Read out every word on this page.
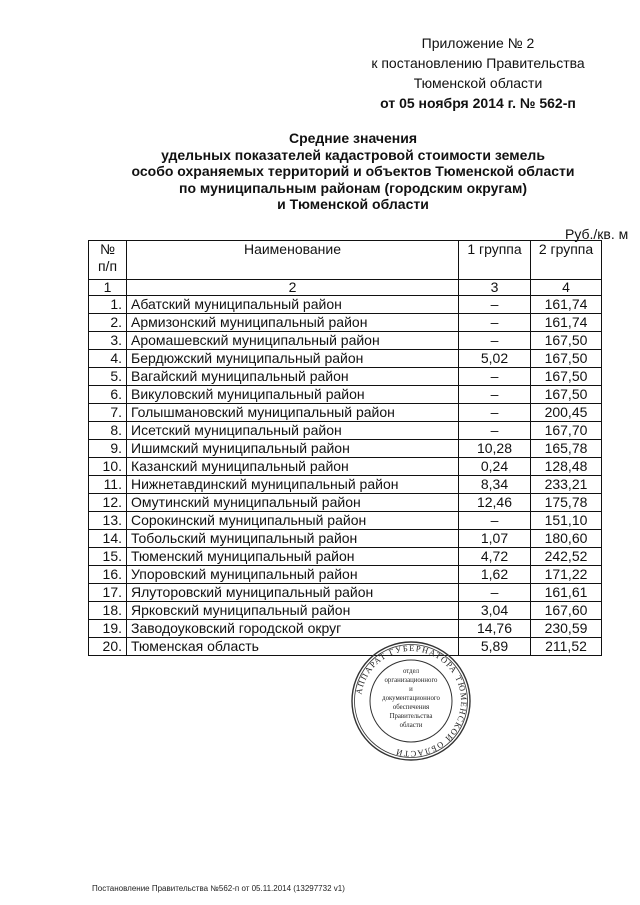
Приложение № 2
к постановлению Правительства
Тюменской области
от 05 ноября 2014 г. № 562-п
Средние значения
удельных показателей кадастровой стоимости земель
особо охраняемых территорий и объектов Тюменской области
по муниципальным районам (городским округам)
и Тюменской области
Руб./кв. м
№ п/п	Наименование	1 группа	2 группа
1	2	3	4
1.	Абатский муниципальный район	–	161,74
2.	Армизонский муниципальный район	–	161,74
3.	Аромашевский муниципальный район	–	167,50
4.	Бердюжский муниципальный район	5,02	167,50
5.	Вагайский муниципальный район	–	167,50
6.	Викуловский муниципальный район	–	167,50
7.	Голышмановский муниципальный район	–	200,45
8.	Исетский муниципальный район	–	167,70
9.	Ишимский муниципальный район	10,28	165,78
10.	Казанский муниципальный район	0,24	128,48
11.	Нижнетавдинский муниципальный район	8,34	233,21
12.	Омутинский муниципальный район	12,46	175,78
13.	Сорокинский муниципальный район	–	151,10
14.	Тобольский муниципальный район	1,07	180,60
15.	Тюменский муниципальный район	4,72	242,52
16.	Упоровский муниципальный район	1,62	171,22
17.	Ялуторовский муниципальный район	–	161,61
18.	Ярковский муниципальный район	3,04	167,60
19.	Заводоуковский городской округ	14,76	230,59
20.	Тюменская область	5,89	211,52
АППАРАТ ГУБЕРНАТОРА ТЮМЕНСКОЙ ОБЛАСТИ
отдел
организационного
и
документационного
обеспечения
Правительства
области
Постановление Правительства №562-п от 05.11.2014 (13297732 v1)
